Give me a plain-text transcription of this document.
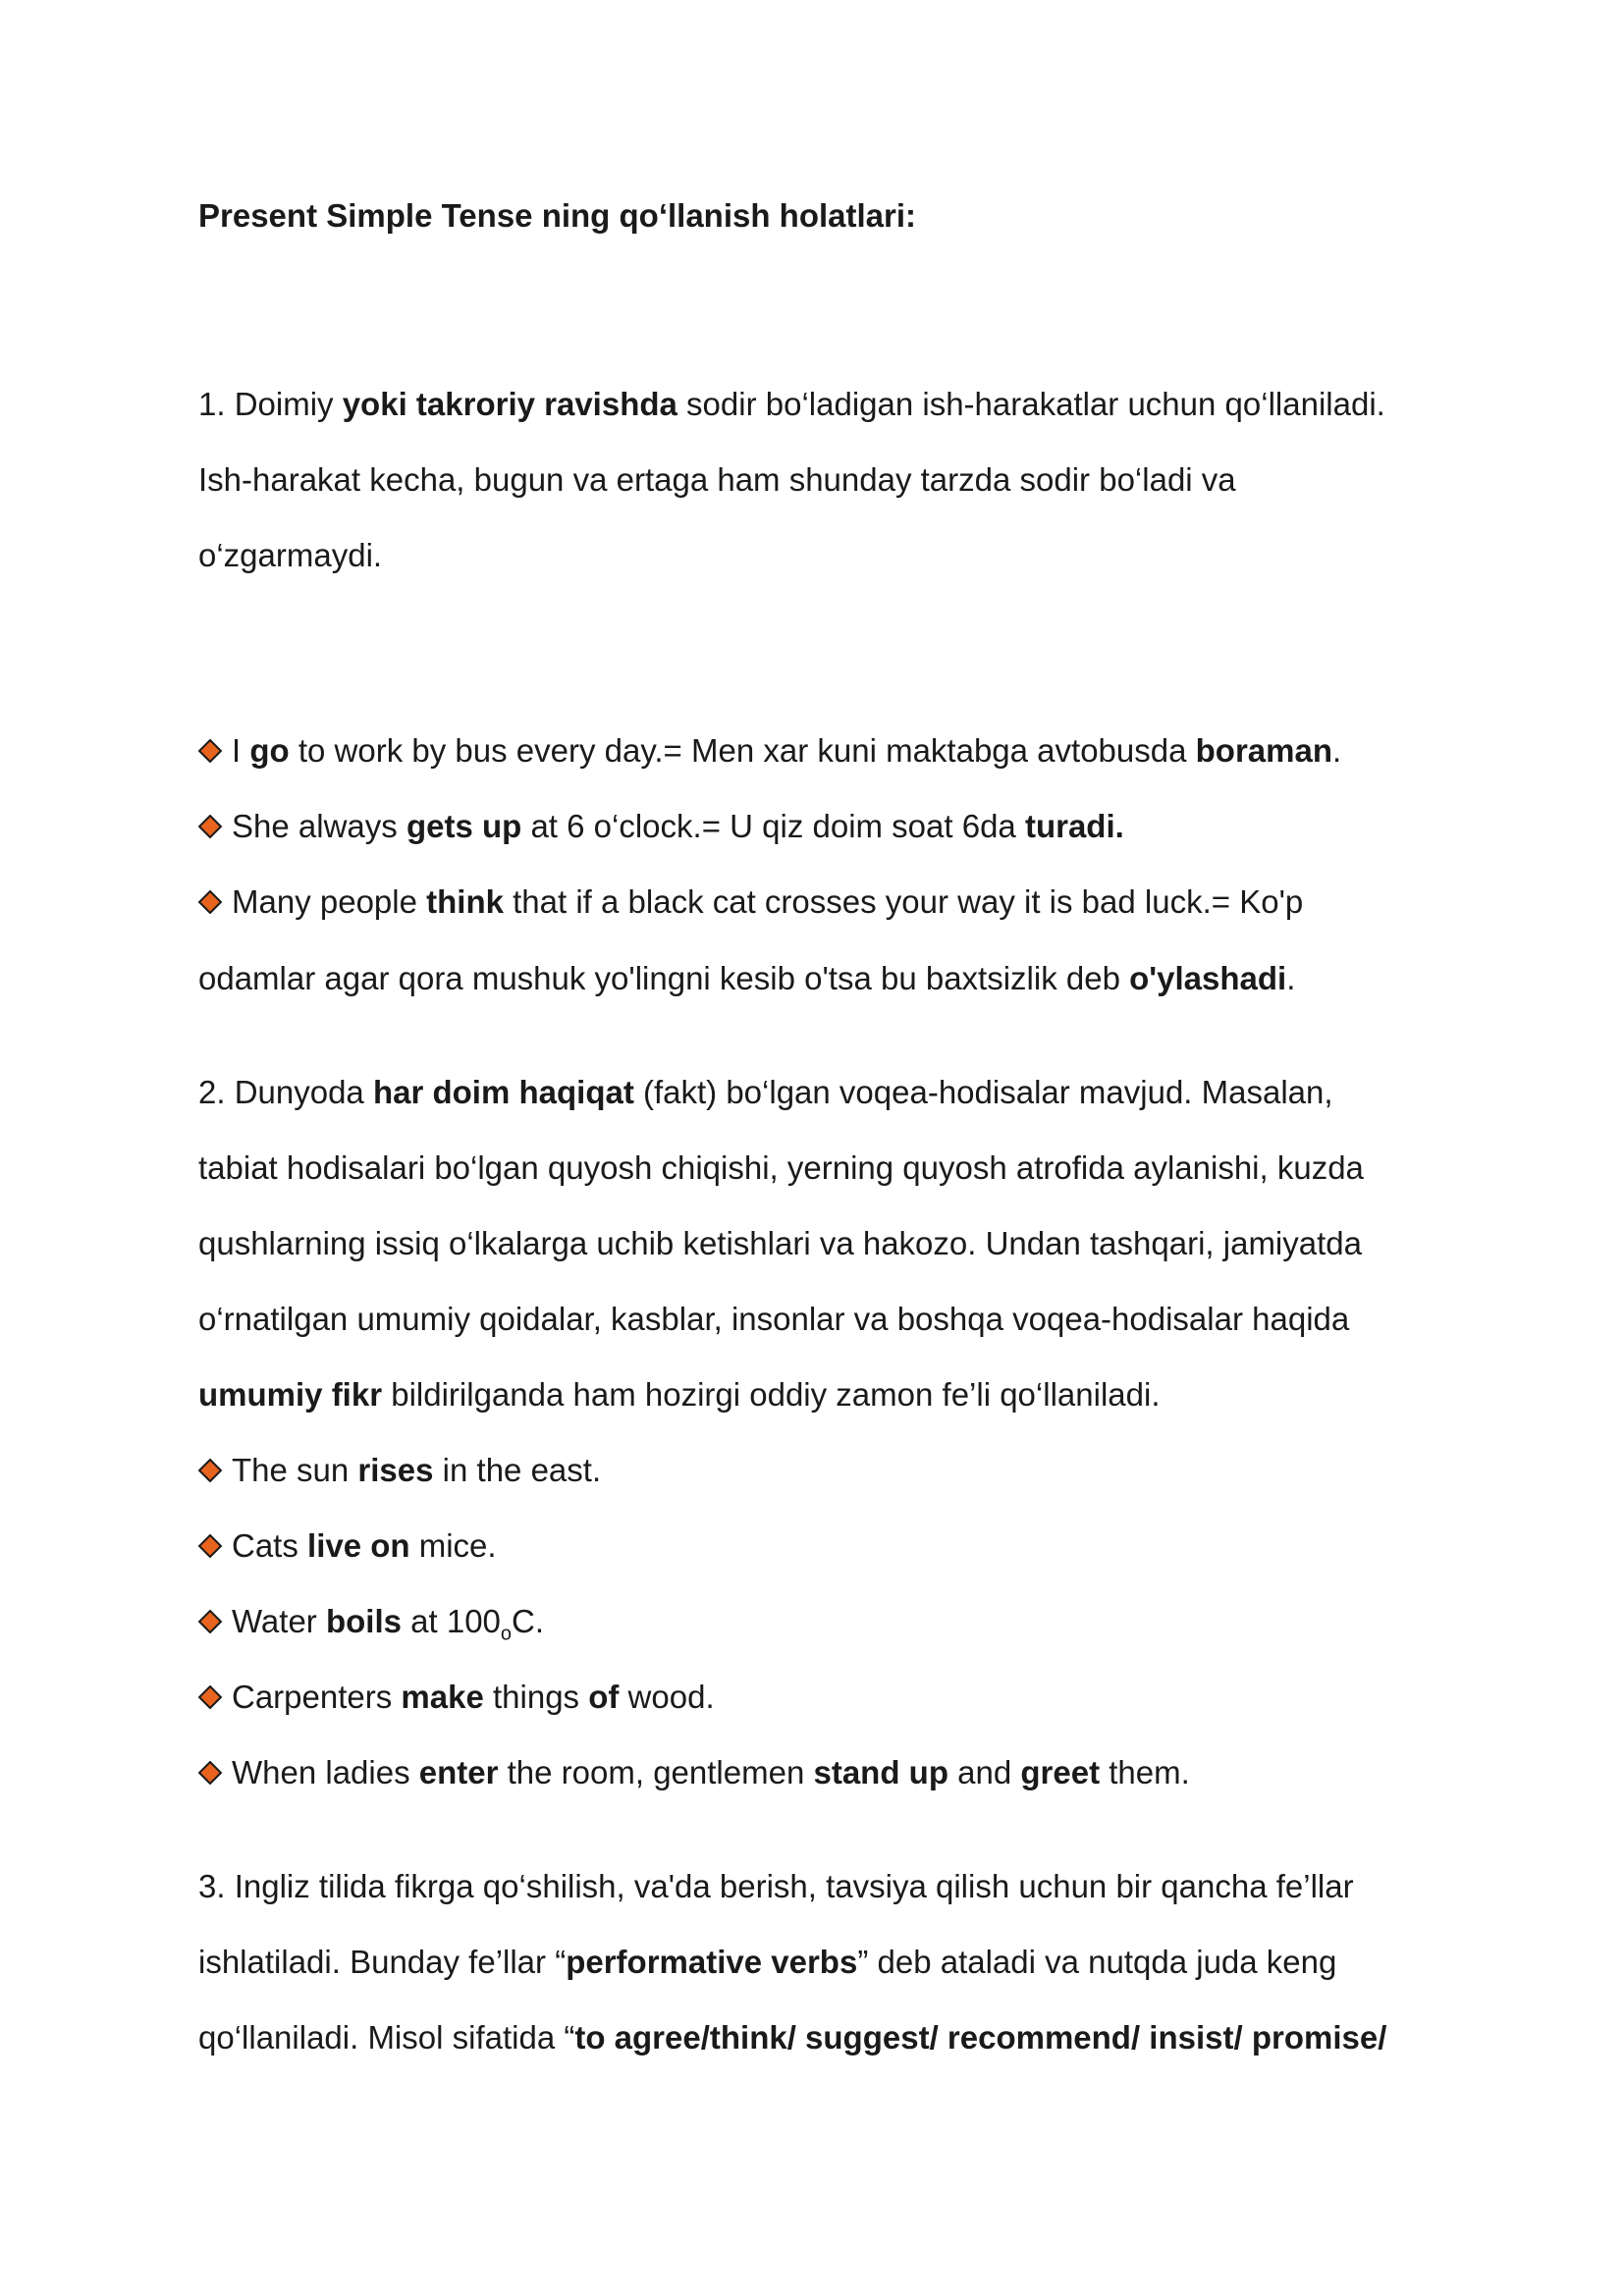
Present Simple Tense ning qo‘llanish holatlari:
1. Doimiy yoki takroriy ravishda sodir bo‘ladigan ish-harakatlar uchun qo‘llaniladi.
Ish-harakat kecha, bugun va ertaga ham shunday tarzda sodir bo‘ladi va
o‘zgarmaydi.
I go to work by bus every day.= Men xar kuni maktabga avtobusda boraman.
She always gets up at 6 o‘clock.= U qiz doim soat 6da turadi.
Many people think that if a black cat crosses your way it is bad luck.= Ko'p
odamlar agar qora mushuk yo'lingni kesib o'tsa bu baxtsizlik deb o'ylashadi.
2. Dunyoda har doim haqiqat (fakt) bo‘lgan voqea-hodisalar mavjud. Masalan,
tabiat hodisalari bo‘lgan quyosh chiqishi, yerning quyosh atrofida aylanishi, kuzda
qushlarning issiq o‘lkalarga uchib ketishlari va hakozo. Undan tashqari, jamiyatda
o‘rnatilgan umumiy qoidalar, kasblar, insonlar va boshqa voqea-hodisalar haqida
umumiy fikr bildirilganda ham hozirgi oddiy zamon fe’li qo‘llaniladi.
The sun rises in the east.
Cats live on mice.
Water boils at $100_oC$.
Carpenters make things of wood.
When ladies enter the room, gentlemen stand up and greet them.
3. Ingliz tilida fikrga qo‘shilish, va'da berish, tavsiya qilish uchun bir qancha fe’llar
ishlatiladi. Bunday fe’llar “performative verbs” deb ataladi va nutqda juda keng
qo‘llaniladi. Misol sifatida “to agree/think/ suggest/ recommend/ insist/ promise/
